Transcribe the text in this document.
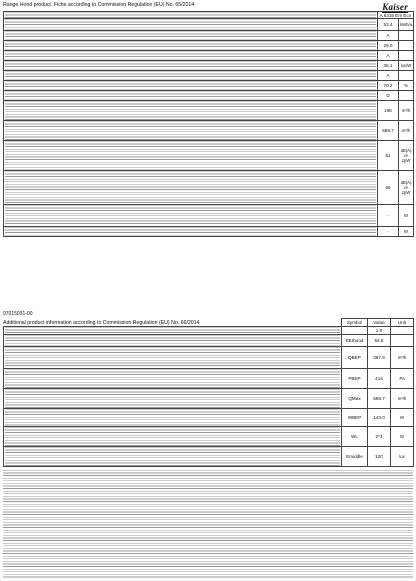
Range Hood product. Fiche according to Commission Regulation (EU) No. 65/2014	Kaiser
	A 6315 Em Eco	

	52.4	kWh/a

	A	

	29.0	

	A	

	36.1	lux/W

	A	

	70.2	%

	D	

	196	m³/h

	588.7	m³/h

	51	dB(A) re 1pW

	69	dB(A) re 1pW

	-	W

	-	W
07015031-00
Additional product information according to Commission Regulation (EU) No. 66/2014
		Symbol	Value	Unit

		1.0	

	EEIhood	54.8	

	QBEP	367.8	m³/h

	PBEP	414	Pa

	QMax	588.7	m³/h

	WBEP	143.0	W

	WL	2*3	W

	Emiddle	120	lux
